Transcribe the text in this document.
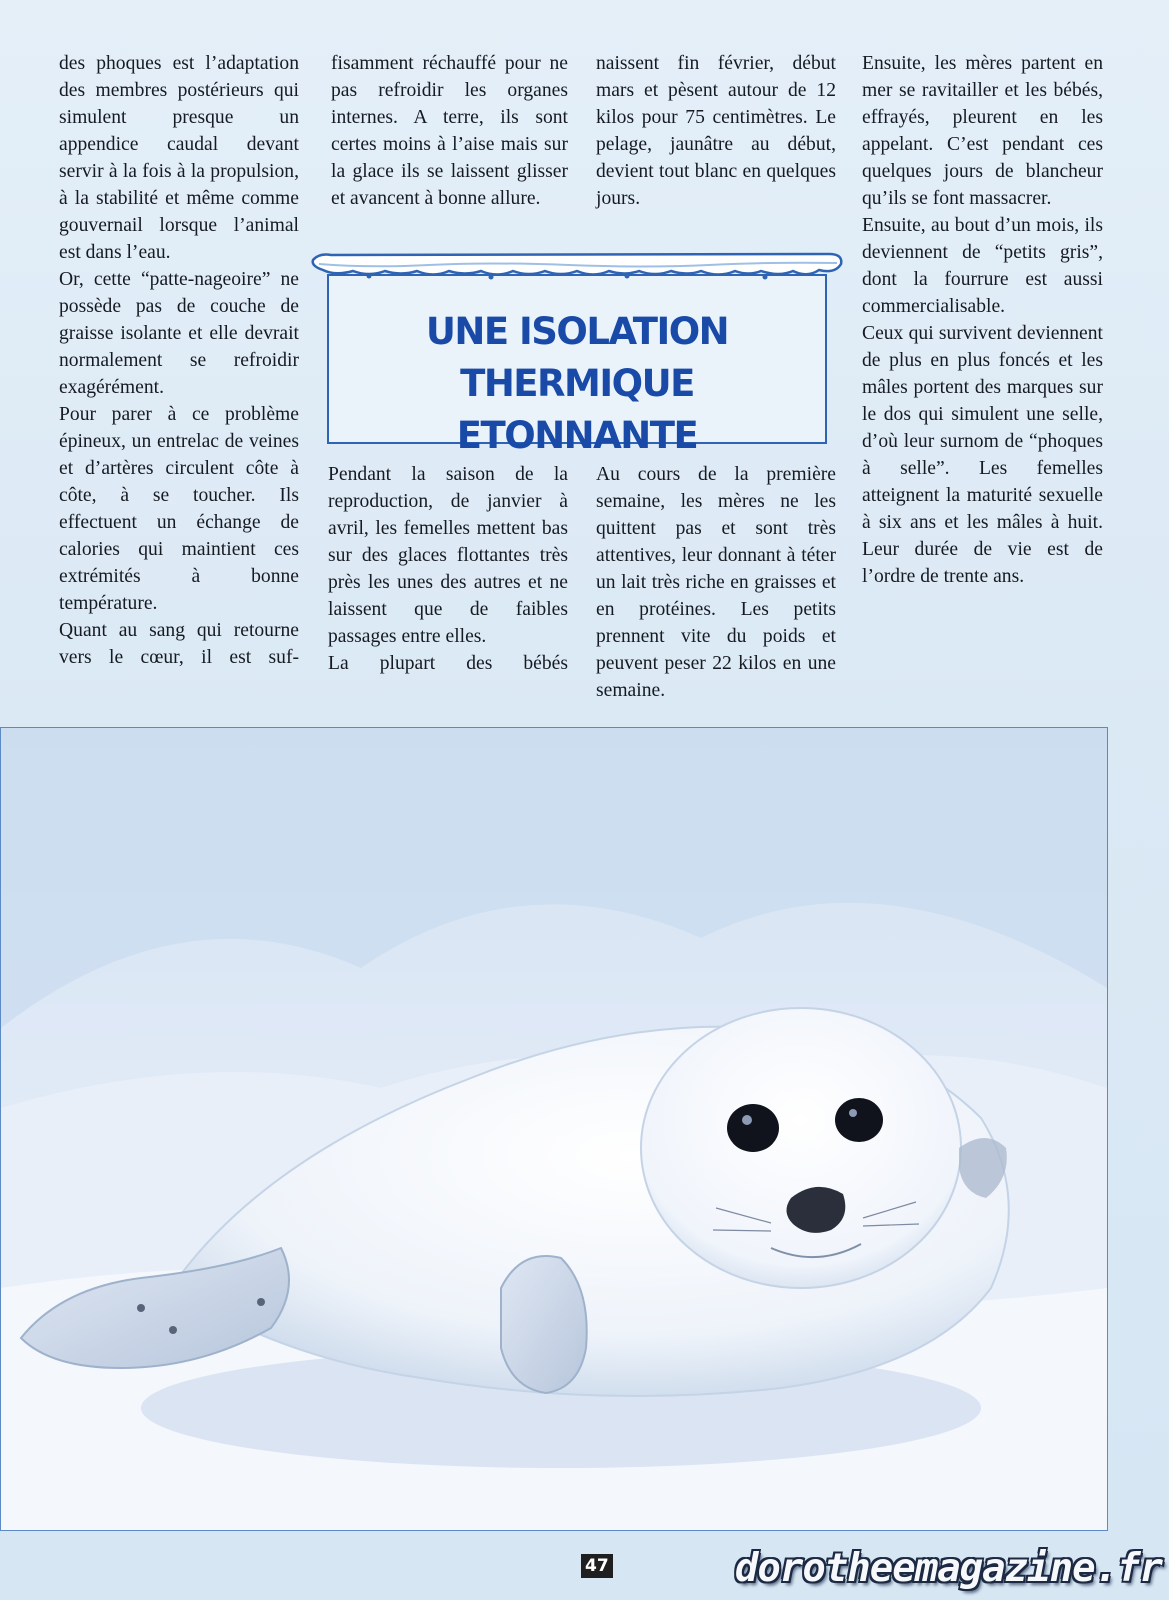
des phoques est l’adaptation des membres postérieurs qui simulent presque un appendice caudal devant servir à la fois à la propulsion, à la stabilité et même comme gouvernail lorsque l’animal est dans l’eau.

Or, cette “patte-nageoire” ne possède pas de couche de graisse isolante et elle devrait normalement se refroidir exagérément.

Pour parer à ce problème épineux, un entrelac de veines et d’artères circulent côte à côte, à se toucher. Ils effectuent un échange de calories qui maintient ces extrémités à bonne température.

Quant au sang qui retourne vers le cœur, il est suf-

fisamment réchauffé pour ne pas refroidir les organes internes. A terre, ils sont certes moins à l’aise mais sur la glace ils se laissent glisser et avancent à bonne allure.

naissent fin février, début mars et pèsent autour de 12 kilos pour 75 centimètres. Le pelage, jaunâtre au début, devient tout blanc en quelques jours.

Ensuite, les mères partent en mer se ravitailler et les bébés, effrayés, pleurent en les appelant. C’est pendant ces quelques jours de blancheur qu’ils se font massacrer.

Ensuite, au bout d’un mois, ils deviennent de “petits gris”, dont la fourrure est aussi commercialisable.

Ceux qui survivent deviennent de plus en plus foncés et les mâles portent des marques sur le dos qui simulent une selle, d’où leur surnom de “phoques à selle”. Les femelles atteignent la maturité sexuelle à six ans et les mâles à huit. Leur durée de vie est de l’ordre de trente ans.

UNE ISOLATION
THERMIQUE
ETONNANTE

Pendant la saison de la reproduction, de janvier à avril, les femelles mettent bas sur des glaces flottantes très près les unes des autres et ne laissent que de faibles passages entre elles.

La plupart des bébés

Au cours de la première semaine, les mères ne les quittent pas et sont très attentives, leur donnant à téter un lait très riche en graisses et en protéines. Les petits prennent vite du poids et peuvent peser 22 kilos en une semaine.

47	dorotheemagazine.fr
